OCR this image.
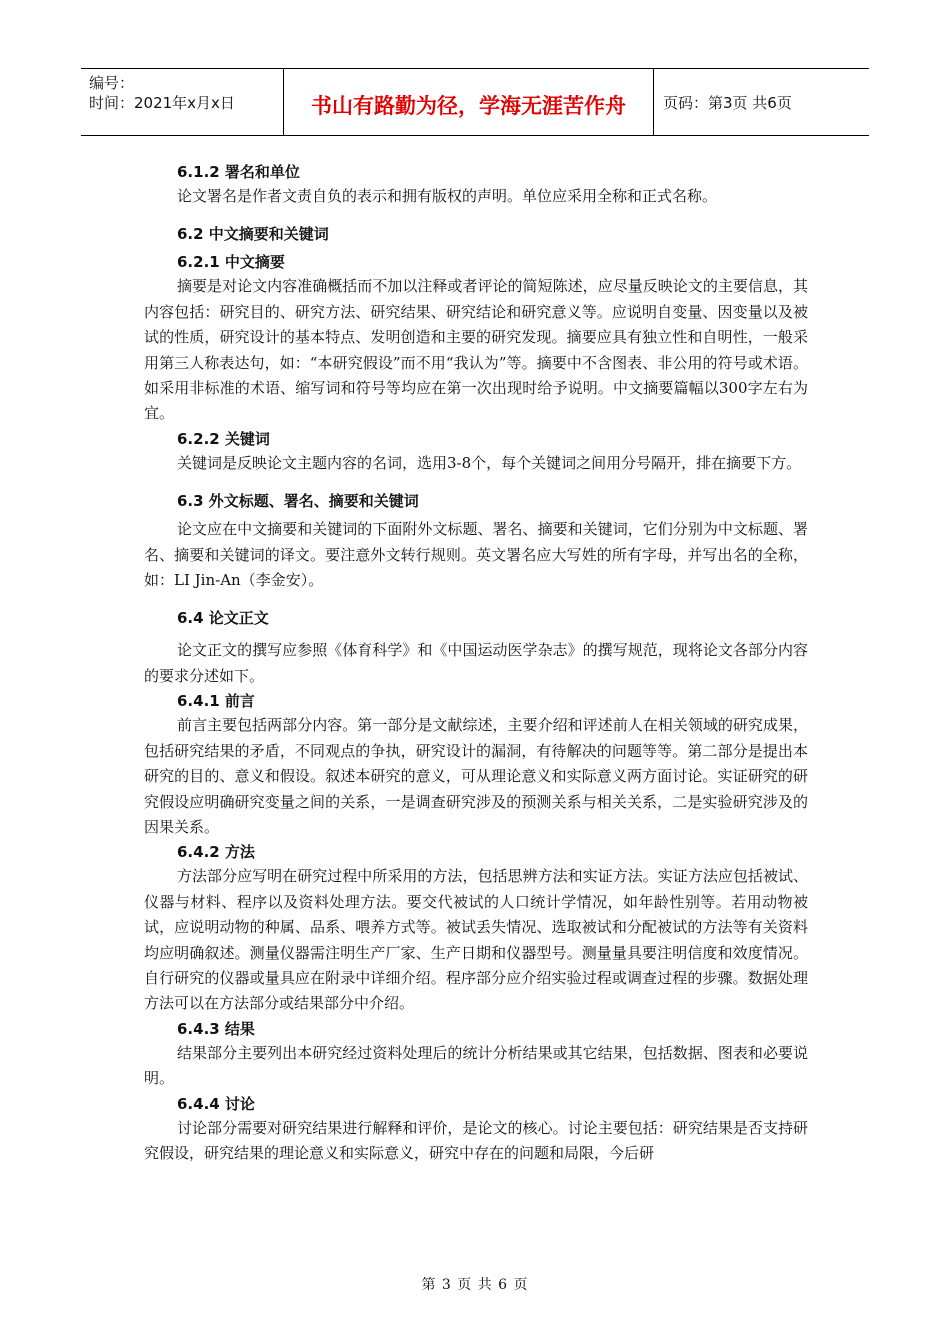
编号：
时间：2021年x月x日	书山有路勤为径，学海无涯苦作舟	页码：第3页 共6页

6.1.2 署名和单位

论文署名是作者文责自负的表示和拥有版权的声明。单位应采用全称和正式名称。

6.2 中文摘要和关键词

6.2.1 中文摘要

摘要是对论文内容准确概括而不加以注释或者评论的简短陈述，应尽量反映论文的主要信息，其内容包括：研究目的、研究方法、研究结果、研究结论和研究意义等。应说明自变量、因变量以及被试的性质，研究设计的基本特点、发明创造和主要的研究发现。摘要应具有独立性和自明性，一般采用第三人称表达句，如：“本研究假设”而不用“我认为”等。摘要中不含图表、非公用的符号或术语。如采用非标准的术语、缩写词和符号等均应在第一次出现时给予说明。中文摘要篇幅以300字左右为宜。

6.2.2 关键词

关键词是反映论文主题内容的名词，选用3-8个，每个关键词之间用分号隔开，排在摘要下方。

6.3 外文标题、署名、摘要和关键词

论文应在中文摘要和关键词的下面附外文标题、署名、摘要和关键词，它们分别为中文标题、署名、摘要和关键词的译文。要注意外文转行规则。英文署名应大写姓的所有字母，并写出名的全称，如：LI Jin-An（李金安）。

6.4 论文正文

论文正文的撰写应参照《体育科学》和《中国运动医学杂志》的撰写规范，现将论文各部分内容的要求分述如下。

6.4.1 前言

前言主要包括两部分内容。第一部分是文献综述，主要介绍和评述前人在相关领域的研究成果，包括研究结果的矛盾，不同观点的争执，研究设计的漏洞，有待解决的问题等等。第二部分是提出本研究的目的、意义和假设。叙述本研究的意义，可从理论意义和实际意义两方面讨论。实证研究的研究假设应明确研究变量之间的关系，一是调查研究涉及的预测关系与相关关系，二是实验研究涉及的因果关系。

6.4.2 方法

方法部分应写明在研究过程中所采用的方法，包括思辨方法和实证方法。实证方法应包括被试、仪器与材料、程序以及资料处理方法。要交代被试的人口统计学情况，如年龄性别等。若用动物被试，应说明动物的种属、品系、喂养方式等。被试丢失情况、选取被试和分配被试的方法等有关资料均应明确叙述。测量仪器需注明生产厂家、生产日期和仪器型号。测量量具要注明信度和效度情况。自行研究的仪器或量具应在附录中详细介绍。程序部分应介绍实验过程或调查过程的步骤。数据处理方法可以在方法部分或结果部分中介绍。

6.4.3 结果

结果部分主要列出本研究经过资料处理后的统计分析结果或其它结果，包括数据、图表和必要说明。

6.4.4 讨论

讨论部分需要对研究结果进行解释和评价，是论文的核心。讨论主要包括：研究结果是否支持研究假设，研究结果的理论意义和实际意义，研究中存在的问题和局限，今后研

第 3 页 共 6 页
